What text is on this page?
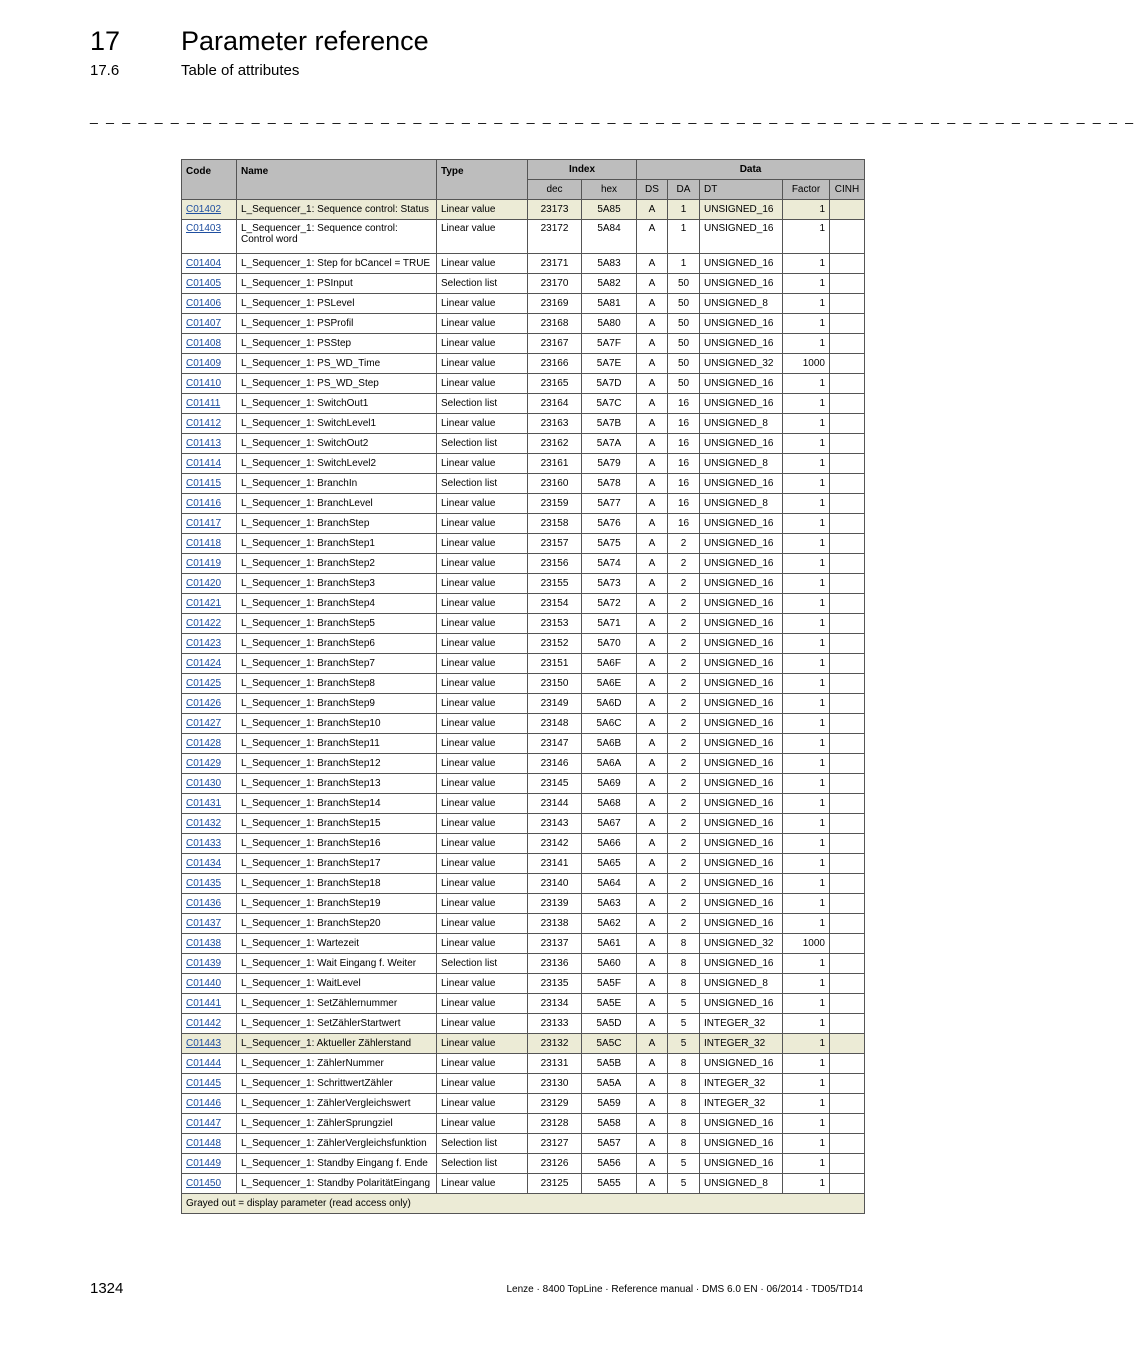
17 Parameter reference
17.6	Table of attributes
_ _ _ _ _ _ _ _ _ _ _ _ _ _ _ _ _ _ _ _ _ _ _ _ _ _ _ _ _ _ _ _ _ _ _ _ _ _ _ _ _ _ _ _ _ _ _ _ _ _ _ _ _ _ _ _ _ _ _ _ _ _ _ _ _
Code	Name	Type	Index		Data				
			dec	hex	DS	DA	DT	Factor	CINH
C01402	L_Sequencer_1: Sequence control: Status	Linear value	23173	5A85	A	1	UNSIGNED_16	1	
C01403	L_Sequencer_1: Sequence control: Control word	Linear value	23172	5A84	A	1	UNSIGNED_16	1	
C01404	L_Sequencer_1: Step for bCancel = TRUE	Linear value	23171	5A83	A	1	UNSIGNED_16	1	
C01405	L_Sequencer_1: PSInput	Selection list	23170	5A82	A	50	UNSIGNED_16	1	
C01406	L_Sequencer_1: PSLevel	Linear value	23169	5A81	A	50	UNSIGNED_8	1	
C01407	L_Sequencer_1: PSProfil	Linear value	23168	5A80	A	50	UNSIGNED_16	1	
C01408	L_Sequencer_1: PSStep	Linear value	23167	5A7F	A	50	UNSIGNED_16	1	
C01409	L_Sequencer_1: PS_WD_Time	Linear value	23166	5A7E	A	50	UNSIGNED_32	1000	
C01410	L_Sequencer_1: PS_WD_Step	Linear value	23165	5A7D	A	50	UNSIGNED_16	1	
C01411	L_Sequencer_1: SwitchOut1	Selection list	23164	5A7C	A	16	UNSIGNED_16	1	
C01412	L_Sequencer_1: SwitchLevel1	Linear value	23163	5A7B	A	16	UNSIGNED_8	1	
C01413	L_Sequencer_1: SwitchOut2	Selection list	23162	5A7A	A	16	UNSIGNED_16	1	
C01414	L_Sequencer_1: SwitchLevel2	Linear value	23161	5A79	A	16	UNSIGNED_8	1	
C01415	L_Sequencer_1: BranchIn	Selection list	23160	5A78	A	16	UNSIGNED_16	1	
C01416	L_Sequencer_1: BranchLevel	Linear value	23159	5A77	A	16	UNSIGNED_8	1	
C01417	L_Sequencer_1: BranchStep	Linear value	23158	5A76	A	16	UNSIGNED_16	1	
C01418	L_Sequencer_1: BranchStep1	Linear value	23157	5A75	A	2	UNSIGNED_16	1	
C01419	L_Sequencer_1: BranchStep2	Linear value	23156	5A74	A	2	UNSIGNED_16	1	
C01420	L_Sequencer_1: BranchStep3	Linear value	23155	5A73	A	2	UNSIGNED_16	1	
C01421	L_Sequencer_1: BranchStep4	Linear value	23154	5A72	A	2	UNSIGNED_16	1	
C01422	L_Sequencer_1: BranchStep5	Linear value	23153	5A71	A	2	UNSIGNED_16	1	
C01423	L_Sequencer_1: BranchStep6	Linear value	23152	5A70	A	2	UNSIGNED_16	1	
C01424	L_Sequencer_1: BranchStep7	Linear value	23151	5A6F	A	2	UNSIGNED_16	1	
C01425	L_Sequencer_1: BranchStep8	Linear value	23150	5A6E	A	2	UNSIGNED_16	1	
C01426	L_Sequencer_1: BranchStep9	Linear value	23149	5A6D	A	2	UNSIGNED_16	1	
C01427	L_Sequencer_1: BranchStep10	Linear value	23148	5A6C	A	2	UNSIGNED_16	1	
C01428	L_Sequencer_1: BranchStep11	Linear value	23147	5A6B	A	2	UNSIGNED_16	1	
C01429	L_Sequencer_1: BranchStep12	Linear value	23146	5A6A	A	2	UNSIGNED_16	1	
C01430	L_Sequencer_1: BranchStep13	Linear value	23145	5A69	A	2	UNSIGNED_16	1	
C01431	L_Sequencer_1: BranchStep14	Linear value	23144	5A68	A	2	UNSIGNED_16	1	
C01432	L_Sequencer_1: BranchStep15	Linear value	23143	5A67	A	2	UNSIGNED_16	1	
C01433	L_Sequencer_1: BranchStep16	Linear value	23142	5A66	A	2	UNSIGNED_16	1	
C01434	L_Sequencer_1: BranchStep17	Linear value	23141	5A65	A	2	UNSIGNED_16	1	
C01435	L_Sequencer_1: BranchStep18	Linear value	23140	5A64	A	2	UNSIGNED_16	1	
C01436	L_Sequencer_1: BranchStep19	Linear value	23139	5A63	A	2	UNSIGNED_16	1	
C01437	L_Sequencer_1: BranchStep20	Linear value	23138	5A62	A	2	UNSIGNED_16	1	
C01438	L_Sequencer_1: Wartezeit	Linear value	23137	5A61	A	8	UNSIGNED_32	1000	
C01439	L_Sequencer_1: Wait Eingang f. Weiter	Selection list	23136	5A60	A	8	UNSIGNED_16	1	
C01440	L_Sequencer_1: WaitLevel	Linear value	23135	5A5F	A	8	UNSIGNED_8	1	
C01441	L_Sequencer_1: SetZählernummer	Linear value	23134	5A5E	A	5	UNSIGNED_16	1	
C01442	L_Sequencer_1: SetZählerStartwert	Linear value	23133	5A5D	A	5	INTEGER_32	1	
C01443	L_Sequencer_1: Aktueller Zählerstand	Linear value	23132	5A5C	A	5	INTEGER_32	1	
C01444	L_Sequencer_1: ZählerNummer	Linear value	23131	5A5B	A	8	UNSIGNED_16	1	
C01445	L_Sequencer_1: SchrittwertZähler	Linear value	23130	5A5A	A	8	INTEGER_32	1	
C01446	L_Sequencer_1: ZählerVergleichswert	Linear value	23129	5A59	A	8	INTEGER_32	1	
C01447	L_Sequencer_1: ZählerSprungziel	Linear value	23128	5A58	A	8	UNSIGNED_16	1	
C01448	L_Sequencer_1: ZählerVergleichsfunktion	Selection list	23127	5A57	A	8	UNSIGNED_16	1	
C01449	L_Sequencer_1: Standby Eingang f. Ende	Selection list	23126	5A56	A	5	UNSIGNED_16	1	
C01450	L_Sequencer_1: Standby PolaritätEingang	Linear value	23125	5A55	A	5	UNSIGNED_8	1	
Grayed out = display parameter (read access only)									
1324	Lenze · 8400 TopLine · Reference manual · DMS 6.0 EN · 06/2014 · TD05/TD14
